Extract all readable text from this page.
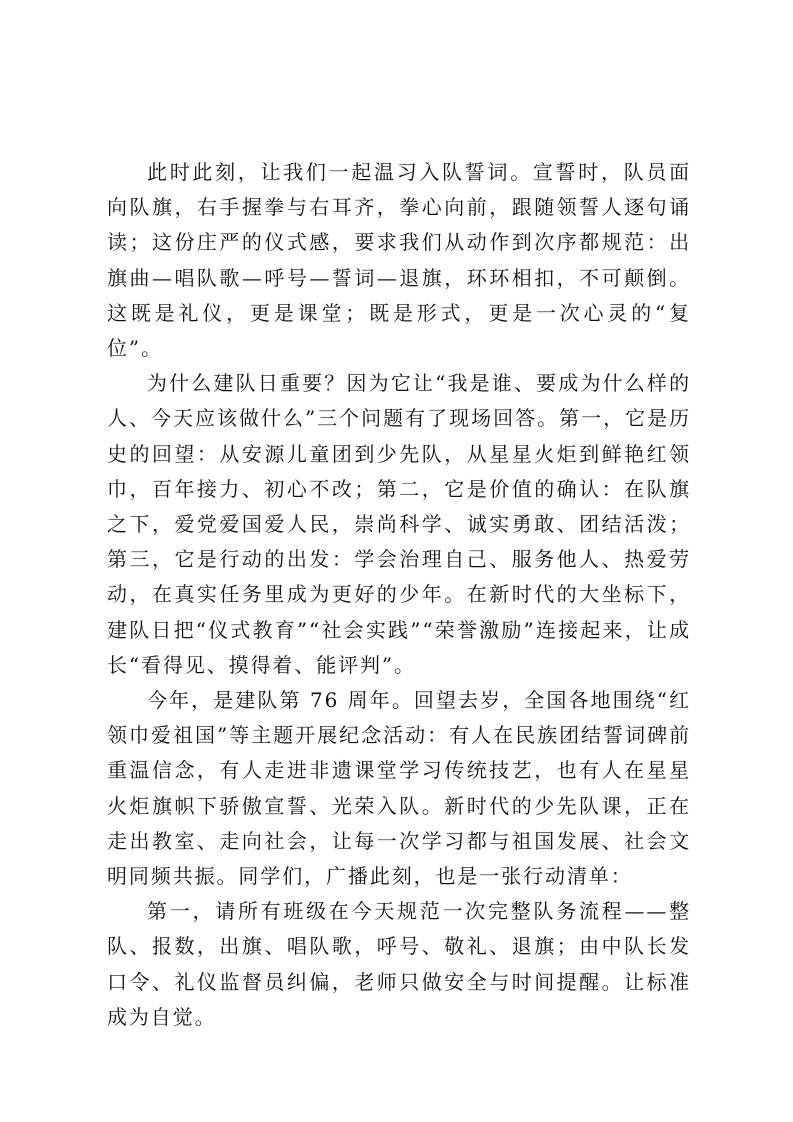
此时此刻，让我们一起温习入队誓词。宣誓时，队员面向队旗，右手握拳与右耳齐，拳心向前，跟随领誓人逐句诵读；这份庄严的仪式感，要求我们从动作到次序都规范：出旗曲—唱队歌—呼号—誓词—退旗，环环相扣，不可颠倒。这既是礼仪，更是课堂；既是形式，更是一次心灵的“复位”。

为什么建队日重要？因为它让“我是谁、要成为什么样的人、今天应该做什么”三个问题有了现场回答。第一，它是历史的回望：从安源儿童团到少先队，从星星火炬到鲜艳红领巾，百年接力、初心不改；第二，它是价值的确认：在队旗之下，爱党爱国爱人民，崇尚科学、诚实勇敢、团结活泼；第三，它是行动的出发：学会治理自己、服务他人、热爱劳动，在真实任务里成为更好的少年。在新时代的大坐标下，建队日把“仪式教育”“社会实践”“荣誉激励”连接起来，让成长“看得见、摸得着、能评判”。

今年，是建队第 76 周年。回望去岁，全国各地围绕“红领巾爱祖国”等主题开展纪念活动：有人在民族团结誓词碑前重温信念，有人走进非遗课堂学习传统技艺，也有人在星星火炬旗帜下骄傲宣誓、光荣入队。新时代的少先队课，正在走出教室、走向社会，让每一次学习都与祖国发展、社会文明同频共振。同学们，广播此刻，也是一张行动清单：

第一，请所有班级在今天规范一次完整队务流程——整队、报数，出旗、唱队歌，呼号、敬礼、退旗；由中队长发口令、礼仪监督员纠偏，老师只做安全与时间提醒。让标准成为自觉。
